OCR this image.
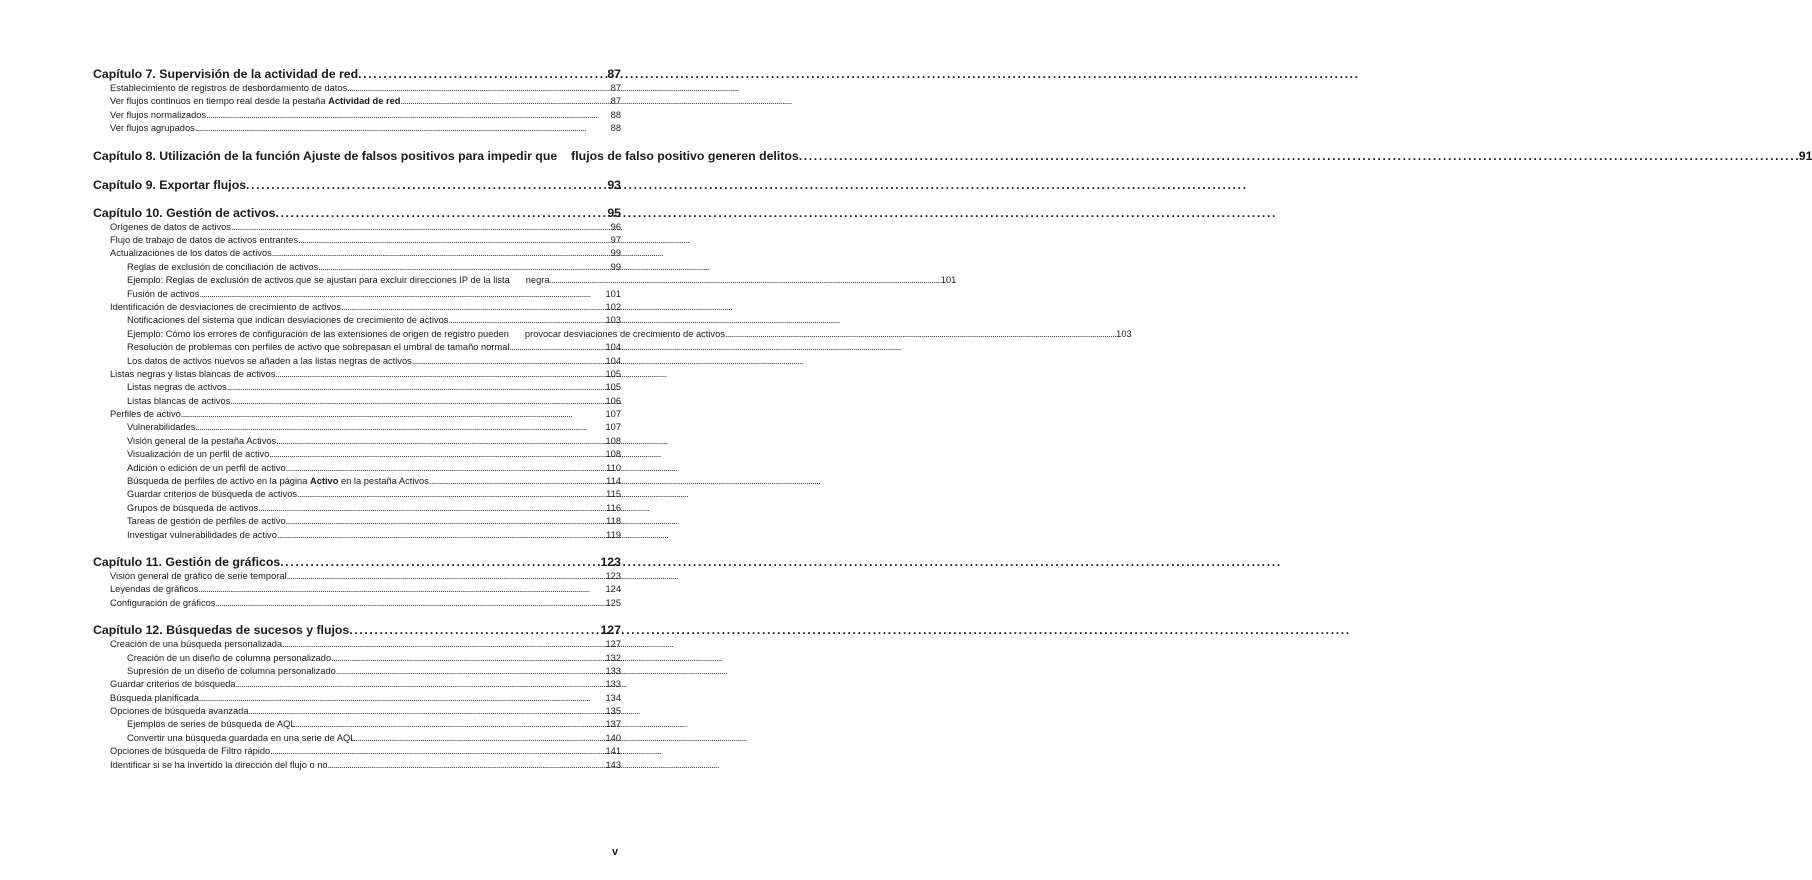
Capítulo 7. Supervisión de la actividad de red . . .	87
Establecimiento de registros de desbordamiento de datos . . .	87
Ver flujos continuos en tiempo real desde la pestaña Actividad de red . . .	87
Ver flujos normalizados . . .	88
Ver flujos agrupados . . .	88
Capítulo 8. Utilización de la función Ajuste de falsos positivos para impedir que flujos de falso positivo generen delitos . . .	91
Capítulo 9. Exportar flujos . . .	93
Capítulo 10. Gestión de activos . . .	95
Orígenes de datos de activos . . .	96
Flujo de trabajo de datos de activos entrantes . . .	97
Actualizaciones de los datos de activos . . .	99
Reglas de exclusión de conciliación de activos . . .	99
Ejemplo: Reglas de exclusión de activos que se ajustan para excluir direcciones IP de la lista negra . . .	101
Fusión de activos . . .	101
Identificación de desviaciones de crecimiento de activos . . .	102
Notificaciones del sistema que indican desviaciones de crecimiento de activos . . .	103
Ejemplo: Cómo los errores de configuración de las extensiones de origen de registro pueden provocar desviaciones de crecimiento de activos . . .	103
Resolución de problemas con perfiles de activo que sobrepasan el umbral de tamaño normal . . .	104
Los datos de activos nuevos se añaden a las listas negras de activos . . .	104
Listas negras y listas blancas de activos . . .	105
Listas negras de activos . . .	105
Listas blancas de activos . . .	106
Perfiles de activo . . .	107
Vulnerabilidades . . .	107
Visión general de la pestaña Activos . . .	108
Visualización de un perfil de activo . . .	108
Adición o edición de un perfil de activo . . .	110
Búsqueda de perfiles de activo en la página Activo en la pestaña Activos . . .	114
Guardar criterios de búsqueda de activos . . .	115
Grupos de búsqueda de activos . . .	116
Tareas de gestión de perfiles de activo . . .	118
Investigar vulnerabilidades de activo . . .	119
Capítulo 11. Gestión de gráficos . . .	123
Visión general de gráfico de serie temporal . . .	123
Leyendas de gráficos . . .	124
Configuración de gráficos . . .	125
Capítulo 12. Búsquedas de sucesos y flujos . . .	127
Creación de una búsqueda personalizada . . .	127
Creación de un diseño de columna personalizado . . .	132
Supresión de un diseño de columna personalizado . . .	133
Guardar criterios de búsqueda . . .	133
Búsqueda planificada . . .	134
Opciones de búsqueda avanzada . . .	135
Ejemplos de series de búsqueda de AQL . . .	137
Convertir una búsqueda guardada en una serie de AQL . . .	140
Opciones de búsqueda de Filtro rápido . . .	141
Identificar si se ha invertido la dirección del flujo o no . . .	143
v
